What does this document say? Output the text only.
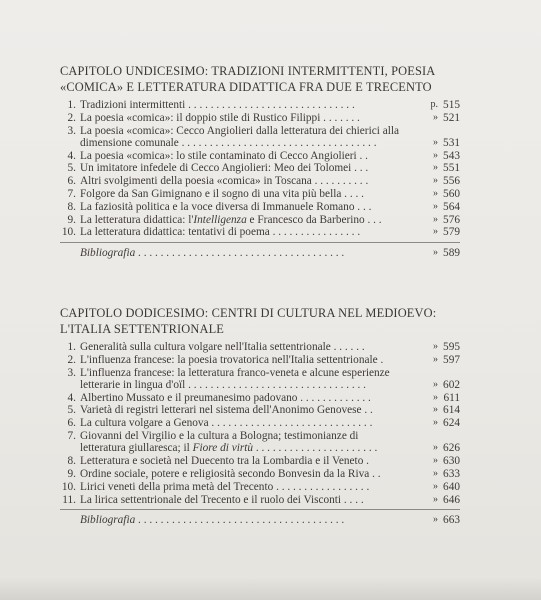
CAPITOLO UNDICESIMO: TRADIZIONI INTERMITTENTI, POESIA
«COMICA» E LETTERATURA DIDATTICA FRA DUE E TRECENTO
1. Tradizioni intermittenti . . . . . . . . . . . . . . . . . . . . . . . . . . . . . .	p. 515
2. La poesia «comica»: il doppio stile di Rustico Filippi . . . . . . .	» 521
3. La poesia «comica»: Cecco Angiolieri dalla letteratura dei chierici alla dimensione comunale . . . . . . . . . . . . . . . . . . . . . . . . . . . . . . . . . . .	» 531
4. La poesia «comica»: lo stile contaminato di Cecco Angiolieri . .	» 543
5. Un imitatore infedele di Cecco Angiolieri: Meo dei Tolomei . . .	» 551
6. Altri svolgimenti della poesia «comica» in Toscana . . . . . . . . . .	» 556
7. Folgore da San Gimignano e il sogno di una vita più bella . . . .	» 560
8. La faziosità politica e la voce diversa di Immanuele Romano . . .	» 564
9. La letteratura didattica: l'Intelligenza e Francesco da Barberino . . .	» 576
10. La letteratura didattica: tentativi di poema . . . . . . . . . . . . . . . .	» 579
Bibliografia . . . . . . . . . . . . . . . . . . . . . . . . . . . . . . . . . . . . .	» 589
CAPITOLO DODICESIMO: CENTRI DI CULTURA NEL MEDIOEVO:
L'ITALIA SETTENTRIONALE
1. Generalità sulla cultura volgare nell'Italia settentrionale . . . . . .	» 595
2. L'influenza francese: la poesia trovatorica nell'Italia settentrionale .	» 597
3. L'influenza francese: la letteratura franco-veneta e alcune esperienze letterarie in lingua d'oïl . . . . . . . . . . . . . . . . . . . . . . . . . . . . . . . .	» 602
4. Albertino Mussato e il preumanesimo padovano . . . . . . . . . . . . .	» 611
5. Varietà di registri letterari nel sistema dell'Anonimo Genovese . .	» 614
6. La cultura volgare a Genova . . . . . . . . . . . . . . . . . . . . . . . . . . . . .	» 624
7. Giovanni del Virgilio e la cultura a Bologna; testimonianze di letteratura giullaresca; il Fiore di virtù . . . . . . . . . . . . . . . . . . . . . .	» 626
8. Letteratura e società nel Duecento tra la Lombardia e il Veneto .	» 630
9. Ordine sociale, potere e religiosità secondo Bonvesin da la Riva . .	» 633
10. Lirici veneti della prima metà del Trecento . . . . . . . . . . . . . . . . .	» 640
11. La lirica settentrionale del Trecento e il ruolo dei Visconti . . . .	» 646
Bibliografia . . . . . . . . . . . . . . . . . . . . . . . . . . . . . . . . . . . . .	» 663
